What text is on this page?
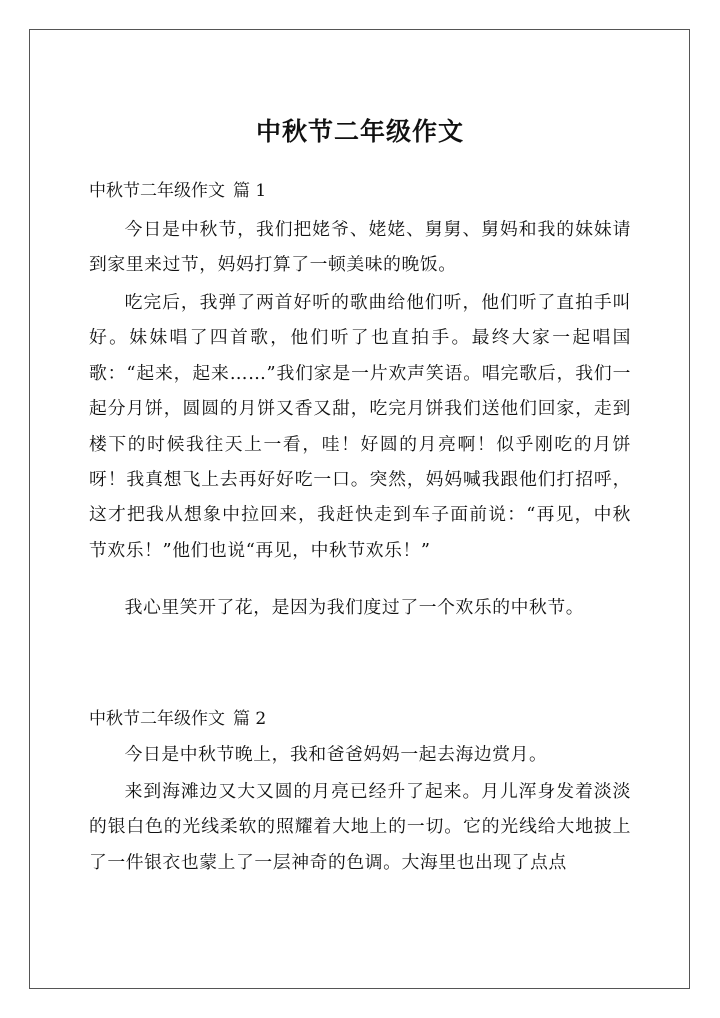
中秋节二年级作文
中秋节二年级作文 篇 1

今日是中秋节，我们把姥爷、姥姥、舅舅、舅妈和我的妹妹请到家里来过节，妈妈打算了一顿美味的晚饭。

吃完后，我弹了两首好听的歌曲给他们听，他们听了直拍手叫好。妹妹唱了四首歌，他们听了也直拍手。最终大家一起唱国歌：“起来，起来……”我们家是一片欢声笑语。唱完歌后，我们一起分月饼，圆圆的月饼又香又甜，吃完月饼我们送他们回家，走到楼下的时候我往天上一看，哇！好圆的月亮啊！似乎刚吃的月饼呀！我真想飞上去再好好吃一口。突然，妈妈喊我跟他们打招呼，这才把我从想象中拉回来，我赶快走到车子面前说：“再见，中秋节欢乐！”他们也说“再见，中秋节欢乐！”

我心里笑开了花，是因为我们度过了一个欢乐的中秋节。

中秋节二年级作文 篇 2

今日是中秋节晚上，我和爸爸妈妈一起去海边赏月。

来到海滩边又大又圆的月亮已经升了起来。月儿浑身发着淡淡的银白色的光线柔软的照耀着大地上的一切。它的光线给大地披上了一件银衣也蒙上了一层神奇的色调。大海里也出现了点点
